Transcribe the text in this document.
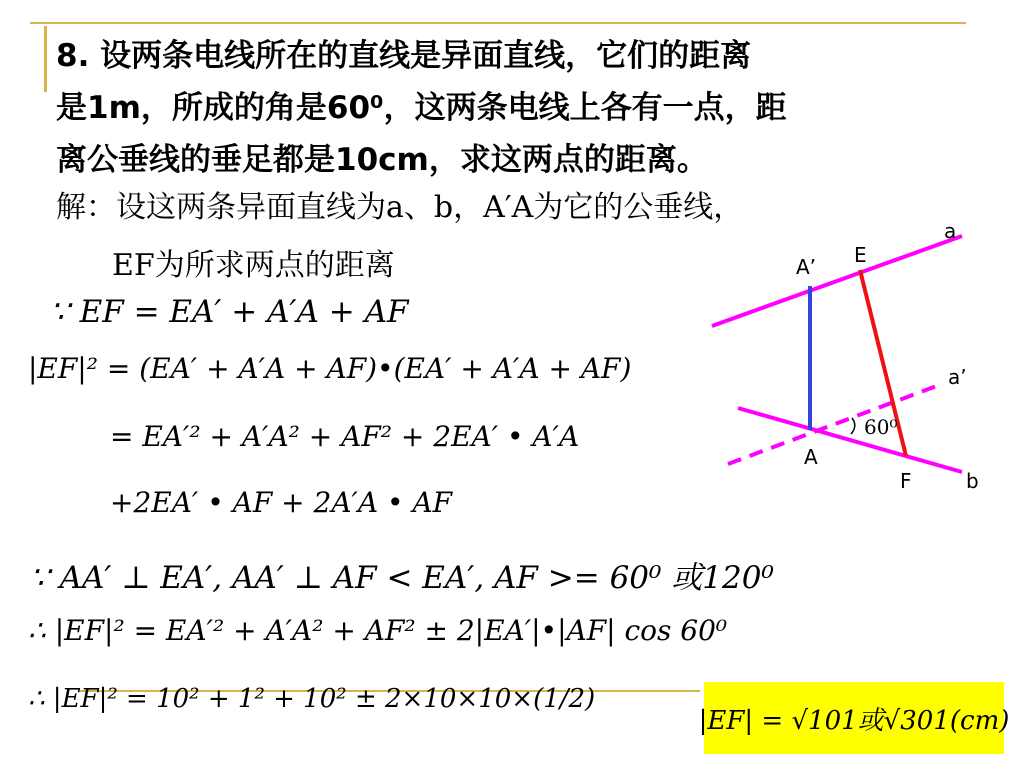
8. 设两条电线所在的直线是异面直线，它们的距离
是1m，所成的角是60⁰，这两条电线上各有一点，距
离公垂线的垂足都是10cm，求这两点的距离。
解：设这两条异面直线为a、b，A′A为它的公垂线，
EF为所求两点的距离
∵ EF = EA′ + A′A + AF
|EF|² = (EA′ + A′A + AF)•(EA′ + A′A + AF)
= EA′² + A′A² + AF² + 2EA′ • A′A
+2EA′ • AF + 2A′A • AF
∵ AA′ ⊥ EA′, AA′ ⊥ AF < EA′, AF >= 60⁰ 或120⁰
∴ |EF|² = EA′² + A′A² + AF² ± 2|EA′|•|AF| cos 60⁰
∴ |EF|² = 10² + 1² + 10² ± 2×10×10×(1/2)
|EF| = √101或√301(cm)
a
E
A’
a’
60⁰
A
F	b
